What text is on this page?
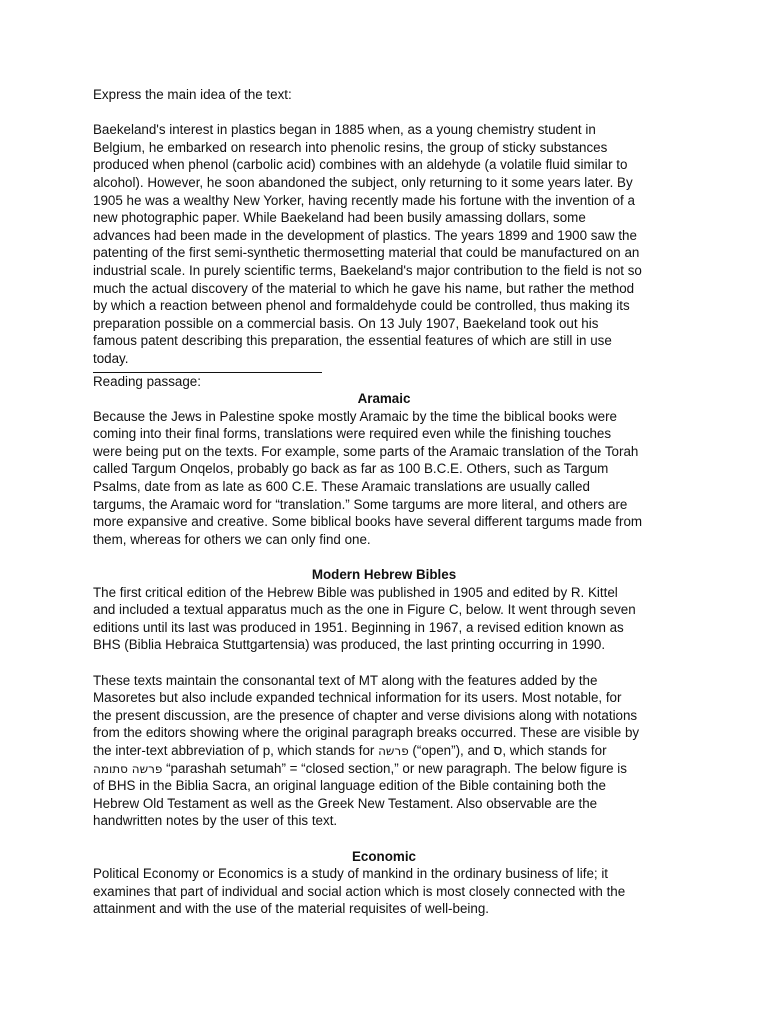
Express the main idea of the text:
Baekeland's interest in plastics began in 1885 when, as a young chemistry student in
Belgium, he embarked on research into phenolic resins, the group of sticky substances
produced when phenol (carbolic acid) combines with an aldehyde (a volatile fluid similar to
alcohol). However, he soon abandoned the subject, only returning to it some years later. By
1905 he was a wealthy New Yorker, having recently made his fortune with the invention of a
new photographic paper. While Baekeland had been busily amassing dollars, some
advances had been made in the development of plastics. The years 1899 and 1900 saw the
patenting of the first semi-synthetic thermosetting material that could be manufactured on an
industrial scale. In purely scientific terms, Baekeland's major contribution to the field is not so
much the actual discovery of the material to which he gave his name, but rather the method
by which a reaction between phenol and formaldehyde could be controlled, thus making its
preparation possible on a commercial basis. On 13 July 1907, Baekeland took out his
famous patent describing this preparation, the essential features of which are still in use
today.
Reading passage:
Aramaic
Because the Jews in Palestine spoke mostly Aramaic by the time the biblical books were
coming into their final forms, translations were required even while the finishing touches
were being put on the texts. For example, some parts of the Aramaic translation of the Torah
called Targum Onqelos, probably go back as far as 100 B.C.E. Others, such as Targum
Psalms, date from as late as 600 C.E. These Aramaic translations are usually called
targums, the Aramaic word for “translation.” Some targums are more literal, and others are
more expansive and creative. Some biblical books have several different targums made from
them, whereas for others we can only find one.
Modern Hebrew Bibles
The first critical edition of the Hebrew Bible was published in 1905 and edited by R. Kittel
and included a textual apparatus much as the one in Figure C, below. It went through seven
editions until its last was produced in 1951. Beginning in 1967, a revised edition known as
BHS (Biblia Hebraica Stuttgartensia) was produced, the last printing occurring in 1990.
These texts maintain the consonantal text of MT along with the features added by the
Masoretes but also include expanded technical information for its users. Most notable, for
the present discussion, are the presence of chapter and verse divisions along with notations
from the editors showing where the original paragraph breaks occurred. These are visible by
the inter-text abbreviation of p, which stands for פרשה (“open”), and ס, which stands for
פרשה סתומה “parashah setumah” = “closed section,” or new paragraph. The below figure is
of BHS in the Biblia Sacra, an original language edition of the Bible containing both the
Hebrew Old Testament as well as the Greek New Testament. Also observable are the
handwritten notes by the user of this text.
Economic
Political Economy or Economics is a study of mankind in the ordinary business of life; it
examines that part of individual and social action which is most closely connected with the
attainment and with the use of the material requisites of well-being.
